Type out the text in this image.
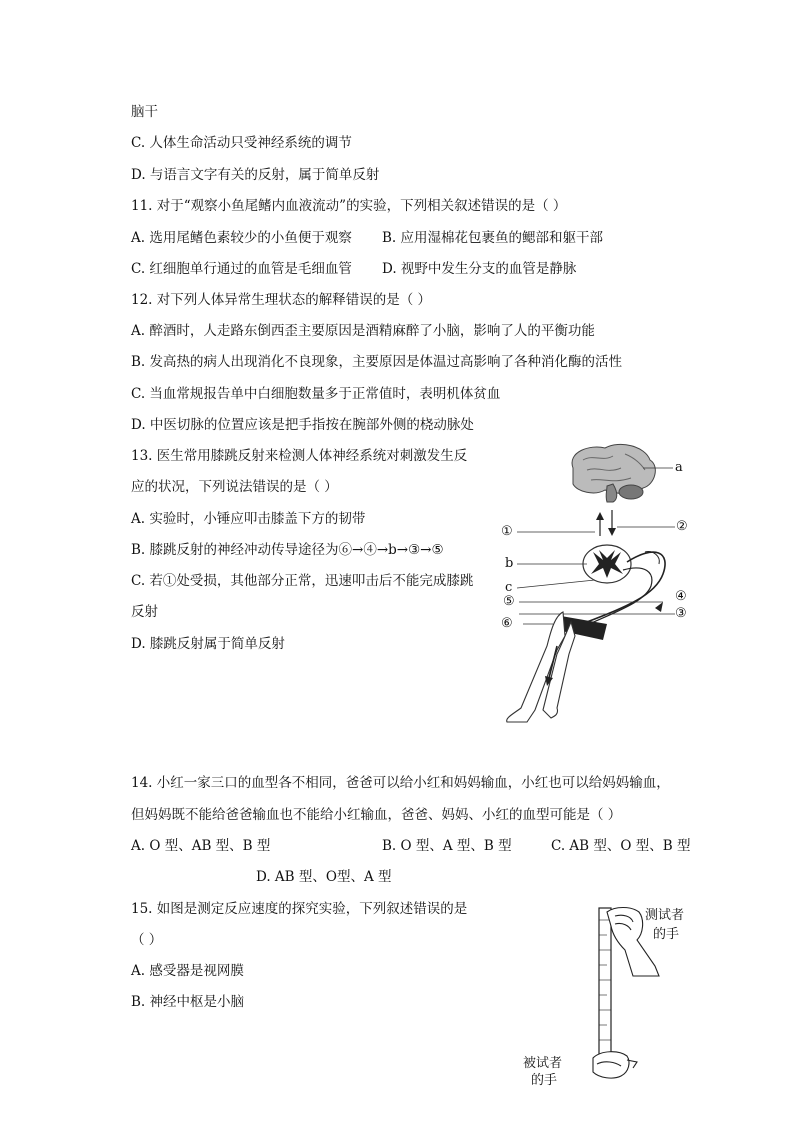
脑干
C. 人体生命活动只受神经系统的调节
D. 与语言文字有关的反射，属于简单反射
11. 对于“观察小鱼尾鳍内血液流动”的实验，下列相关叙述错误的是（ ）
A. 选用尾鳍色素较少的小鱼便于观察 B. 应用湿棉花包裹鱼的鳃部和躯干部
C. 红细胞单行通过的血管是毛细血管 D. 视野中发生分支的血管是静脉
12. 对下列人体异常生理状态的解释错误的是（ ）
A. 醉酒时，人走路东倒西歪主要原因是酒精麻醉了小脑，影响了人的平衡功能
B. 发高热的病人出现消化不良现象，主要原因是体温过高影响了各种消化酶的活性
C. 当血常规报告单中白细胞数量多于正常值时，表明机体贫血
D. 中医切脉的位置应该是把手指按在腕部外侧的桡动脉处
13. 医生常用膝跳反射来检测人体神经系统对刺激发生反
应的状况，下列说法错误的是（ ）
A. 实验时，小锤应叩击膝盖下方的韧带
B. 膝跳反射的神经冲动传导途径为⑥→④→b→③→⑤
C. 若①处受损，其他部分正常，迅速叩击后不能完成膝跳
反射
D. 膝跳反射属于简单反射
a
①	②
b
c
④
⑤
③
⑥
14. 小红一家三口的血型各不相同，爸爸可以给小红和妈妈输血，小红也可以给妈妈输血，
但妈妈既不能给爸爸输血也不能给小红输血，爸爸、妈妈、小红的血型可能是（ ）
A. O 型、AB 型、B 型	B. O 型、A 型、B 型	C. AB 型、O 型、B 型
D. AB 型、O型、A 型
15. 如图是测定反应速度的探究实验，下列叙述错误的是
（ ）
A. 感受器是视网膜
B. 神经中枢是小脑
测试者
的手
被试者
的手
